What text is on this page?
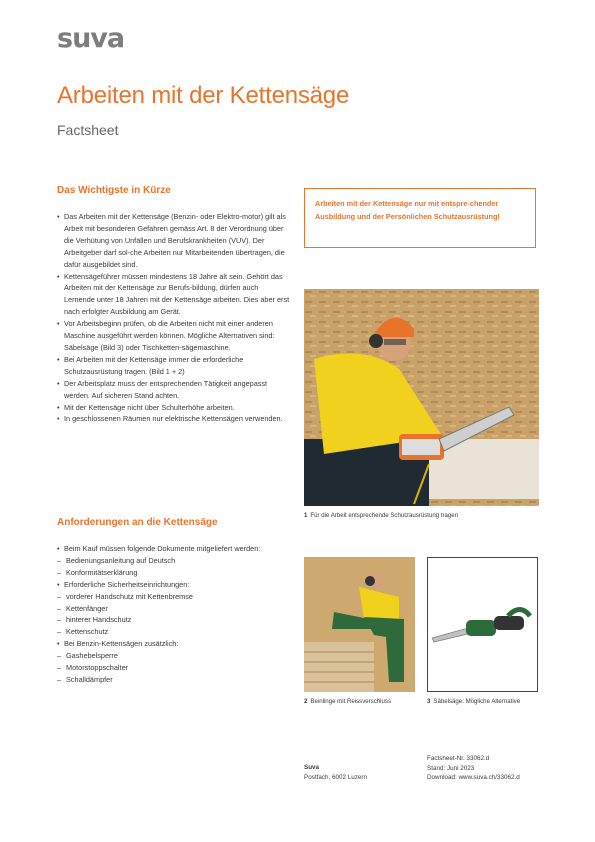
suva
Arbeiten mit der Kettensäge
Factsheet
Das Wichtigste in Kürze
• Das Arbeiten mit der Kettensäge (Benzin- oder Elektro-motor) gilt als Arbeit mit besonderen Gefahren gemäss Art. 8 der Verordnung über die Verhütung von Unfällen und Berufskrankheiten (VUV). Der Arbeitgeber darf sol-che Arbeiten nur Mitarbeitenden übertragen, die dafür ausgebildet sind.
• Kettensägeführer müssen mindestens 18 Jahre alt sein. Gehört das Arbeiten mit der Kettensäge zur Berufs-bildung, dürfen auch Lernende unter 18 Jahren mit der Kettensäge arbeiten. Dies aber erst nach erfolgter Ausbildung am Gerät.
• Vor Arbeitsbeginn prüfen, ob die Arbeiten nicht mit einer anderen Maschine ausgeführt werden können. Mögliche Alternativen sind: Säbelsäge (Bild 3) oder Tischketten-sägemaschine.
• Bei Arbeiten mit der Kettensäge immer die erforderliche Schutzausrüstung tragen. (Bild 1 + 2)
• Der Arbeitsplatz muss der entsprechenden Tätigkeit angepasst werden. Auf sicheren Stand achten.
• Mit der Kettensäge nicht über Schulterhöhe arbeiten.
• In geschlossenen Räumen nur elektrische Kettensägen verwenden.
Anforderungen an die Kettensäge
• Beim Kauf müssen folgende Dokumente mitgeliefert werden:
– Bedienungsanleitung auf Deutsch
– Konformitätserklärung
• Erforderliche Sicherheitseinrichtungen:
– vorderer Handschutz mit Kettenbremse
– Kettenfänger
– hinterer Handschutz
– Kettenschutz
• Bei Benzin-Kettensägen zusätzlich:
– Gashebelsperre
– Motorstoppschalter
– Schalldämpfer
Arbeiten mit der Kettensäge nur mit entspre-chender Ausbildung und der Persönlichen Schutzausrüstung!
1 Für die Arbeit entsprechende Schutzausrüstung tragen
2 Beinlinge mit Reissverschluss	3 Säbelsäge: Mögliche Alternative
Suva
Postfach, 6002 Luzern
Factsheet-Nr. 33062.d
Stand: Juni 2023
Download: www.suva.ch/33062.d
